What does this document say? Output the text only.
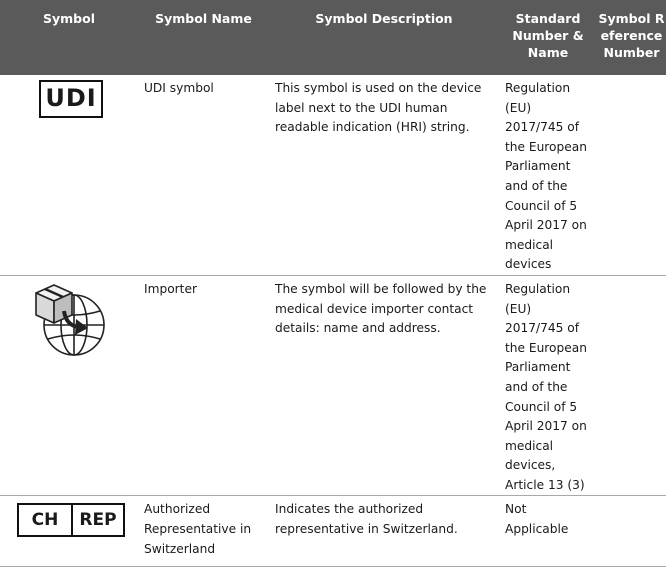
Symbol	Symbol Name	Symbol Description	Standard Number & Name	Symbol Reference Number

UDI	UDI symbol	This symbol is used on the device label next to the UDI human readable indication (HRI) string.	Regulation (EU) 2017/745 of the European Parliament and of the Council of 5 April 2017 on medical devices	

	Importer	The symbol will be followed by the medical device importer contact details: name and address.	Regulation (EU) 2017/745 of the European Parliament and of the Council of 5 April 2017 on medical devices, Article 13 (3)	

CH REP	Authorized Representative in Switzerland	Indicates the authorized representative in Switzerland.	Not Applicable	
